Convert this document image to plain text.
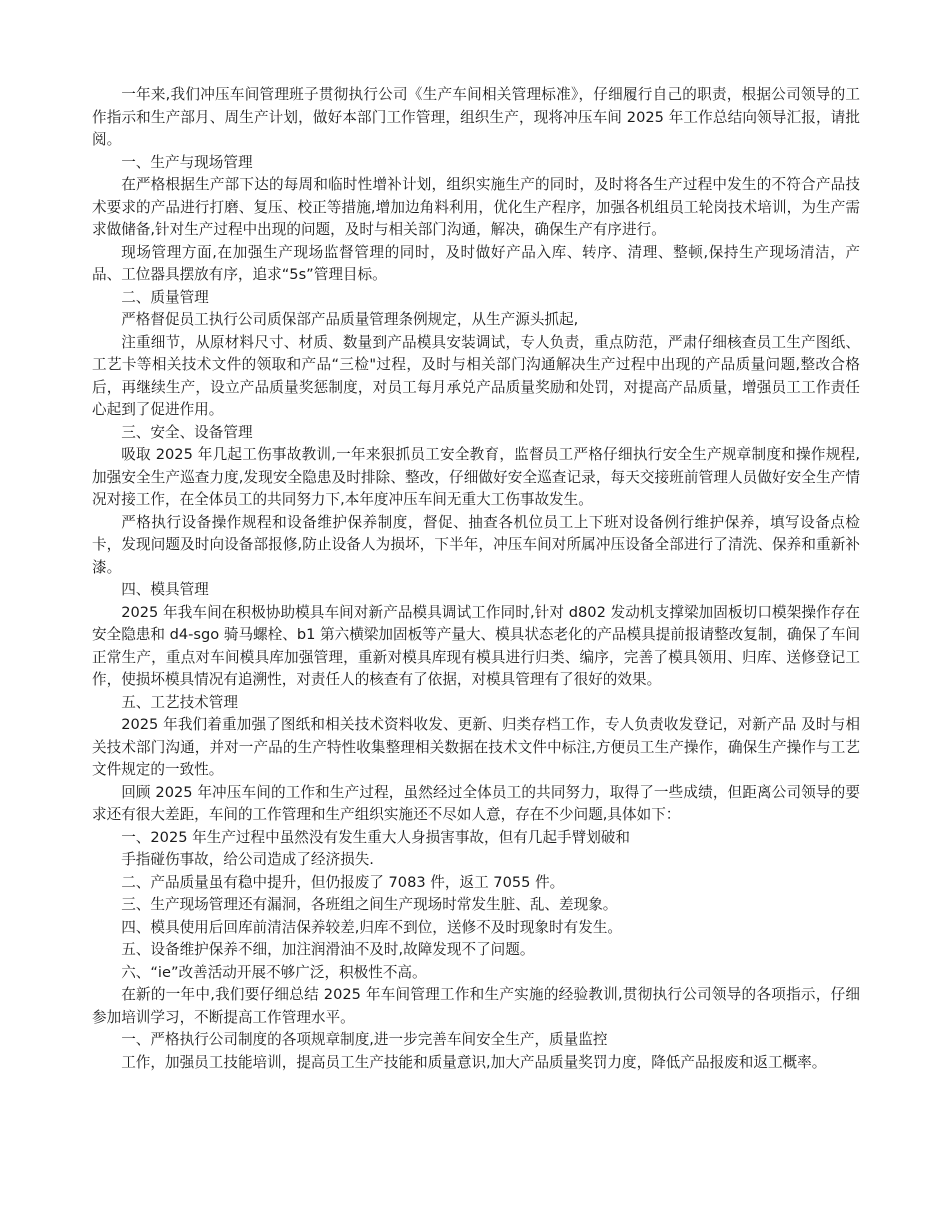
一年来,我们冲压车间管理班子贯彻执行公司《生产车间相关管理标准》，仔细履行自己的职责，根据公司领导的工作指示和生产部月、周生产计划，做好本部门工作管理，组织生产，现将冲压车间 2025 年工作总结向领导汇报，请批阅。

一、生产与现场管理

在严格根据生产部下达的每周和临时性增补计划，组织实施生产的同时，及时将各生产过程中发生的不符合产品技术要求的产品进行打磨、复压、校正等措施,增加边角料利用，优化生产程序，加强各机组员工轮岗技术培训，为生产需求做储备,针对生产过程中出现的问题，及时与相关部门沟通，解决，确保生产有序进行。

现场管理方面,在加强生产现场监督管理的同时，及时做好产品入库、转序、清理、整顿,保持生产现场清洁，产品、工位器具摆放有序，追求“5s”管理目标。

二、质量管理

严格督促员工执行公司质保部产品质量管理条例规定，从生产源头抓起,

注重细节，从原材料尺寸、材质、数量到产品模具安装调试，专人负责，重点防范，严肃仔细核查员工生产图纸、工艺卡等相关技术文件的领取和产品“三检"过程，及时与相关部门沟通解决生产过程中出现的产品质量问题,整改合格后，再继续生产，设立产品质量奖惩制度，对员工每月承兑产品质量奖励和处罚，对提高产品质量，增强员工工作责任心起到了促进作用。

三、安全、设备管理

吸取 2025 年几起工伤事故教训,一年来狠抓员工安全教育，监督员工严格仔细执行安全生产规章制度和操作规程,加强安全生产巡查力度,发现安全隐患及时排除、整改，仔细做好安全巡查记录，每天交接班前管理人员做好安全生产情况对接工作，在全体员工的共同努力下,本年度冲压车间无重大工伤事故发生。

严格执行设备操作规程和设备维护保养制度，督促、抽查各机位员工上下班对设备例行维护保养，填写设备点检卡，发现问题及时向设备部报修,防止设备人为损坏，下半年，冲压车间对所属冲压设备全部进行了清洗、保养和重新补漆。

四、模具管理

2025 年我车间在积极协助模具车间对新产品模具调试工作同时,针对 d802 发动机支撑梁加固板切口模架操作存在安全隐患和 d4-sgo 骑马螺栓、b1 第六横梁加固板等产量大、模具状态老化的产品模具提前报请整改复制，确保了车间正常生产，重点对车间模具库加强管理，重新对模具库现有模具进行归类、编序，完善了模具领用、归库、送修登记工作，使损坏模具情况有追溯性，对责任人的核查有了依据，对模具管理有了很好的效果。

五、工艺技术管理

2025 年我们着重加强了图纸和相关技术资料收发、更新、归类存档工作，专人负责收发登记，对新产品 及时与相关技术部门沟通，并对一产品的生产特性收集整理相关数据在技术文件中标注,方便员工生产操作，确保生产操作与工艺文件规定的一致性。

回顾 2025 年冲压车间的工作和生产过程，虽然经过全体员工的共同努力，取得了一些成绩，但距离公司领导的要求还有很大差距，车间的工作管理和生产组织实施还不尽如人意，存在不少问题,具体如下：

一、2025 年生产过程中虽然没有发生重大人身损害事故，但有几起手臂划破和

手指碰伤事故，给公司造成了经济损失.

二、产品质量虽有稳中提升，但仍报废了 7083 件，返工 7055 件。

三、生产现场管理还有漏洞，各班组之间生产现场时常发生脏、乱、差现象。

四、模具使用后回库前清洁保养较差,归库不到位，送修不及时现象时有发生。

五、设备维护保养不细，加注润滑油不及时,故障发现不了问题。

六、“ie”改善活动开展不够广泛，积极性不高。

在新的一年中,我们要仔细总结 2025 年车间管理工作和生产实施的经验教训,贯彻执行公司领导的各项指示，仔细参加培训学习，不断提高工作管理水平。

一、严格执行公司制度的各项规章制度,进一步完善车间安全生产，质量监控

工作，加强员工技能培训，提高员工生产技能和质量意识,加大产品质量奖罚力度，降低产品报废和返工概率。
